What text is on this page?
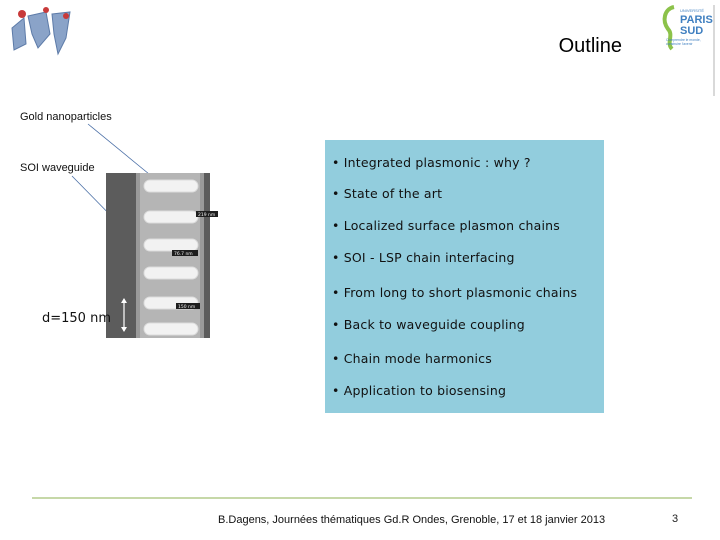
Outline
UNIVERSITÉ
PARIS
SUD
Comprendre le monde,
construire l'avenir
Gold nanoparticles
SOI waveguide
219 nm
76.7 nm
150 nm
d=150 nm
• Integrated plasmonic : why ?
• State of the art
• Localized surface plasmon chains
• SOI - LSP chain interfacing
• From long to short plasmonic chains
• Back to waveguide coupling
• Chain mode harmonics
• Application to biosensing
B.Dagens, Journées thématiques Gd.R Ondes, Grenoble, 17 et 18 janvier 2013	3
